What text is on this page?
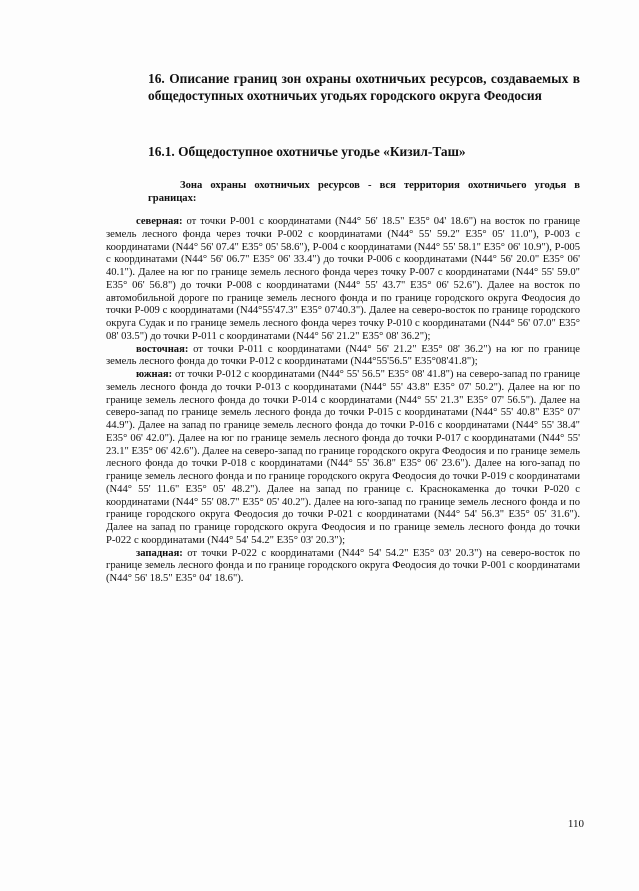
16. Описание границ зон охраны охотничьих ресурсов, создаваемых в общедоступных охотничьих угодьях городского округа Феодосия
16.1. Общедоступное охотничье угодье «Кизил-Таш»

Зона охраны охотничьих ресурсов - вся территория охотничьего угодья в границах:

северная: от точки Р-001 с координатами (N44° 56' 18.5" E35° 04' 18.6") на восток по границе земель лесного фонда через точки Р-002 с координатами (N44° 55' 59.2" E35° 05' 11.0"), Р-003 с координатами (N44° 56' 07.4" E35° 05' 58.6"), Р-004 с координатами (N44° 55' 58.1" E35° 06' 10.9"), Р-005 с координатами (N44° 56' 06.7" E35° 06' 33.4") до точки Р-006 с координатами (N44° 56' 20.0" E35° 06' 40.1"). Далее на юг по границе земель лесного фонда через точку Р-007 с координатами (N44° 55' 59.0" E35° 06' 56.8") до точки Р-008 с координатами (N44° 55' 43.7" E35° 06' 52.6"). Далее на восток по автомобильной дороге по границе земель лесного фонда и по границе городского округа Феодосия до точки Р-009 с координатами (N44°55'47.3" E35° 07'40.3"). Далее на северо-восток по границе городского округа Судак и по границе земель лесного фонда через точку Р-010 с координатами (N44° 56' 07.0" E35° 08' 03.5") до точки Р-011 с координатами (N44° 56' 21.2" E35° 08' 36.2");

восточная: от точки Р-011 с координатами (N44° 56' 21.2" E35° 08' 36.2") на юг по границе земель лесного фонда до точки Р-012 с координатами (N44°55'56.5" E35°08'41.8");

южная: от точки Р-012 с координатами (N44° 55' 56.5" E35° 08' 41.8") на северо-запад по границе земель лесного фонда до точки Р-013 с координатами (N44° 55' 43.8" E35° 07' 50.2"). Далее на юг по границе земель лесного фонда до точки Р-014 с координатами (N44° 55' 21.3" E35° 07' 56.5"). Далее на северо-запад по границе земель лесного фонда до точки Р-015 с координатами (N44° 55' 40.8" E35° 07' 44.9"). Далее на запад по границе земель лесного фонда до точки Р-016 с координатами (N44° 55' 38.4" E35° 06' 42.0"). Далее на юг по границе земель лесного фонда до точки Р-017 с координатами (N44° 55' 23.1" E35° 06' 42.6"). Далее на северо-запад по границе городского округа Феодосия и по границе земель лесного фонда до точки Р-018 с координатами (N44° 55' 36.8" E35° 06' 23.6"). Далее на юго-запад по границе земель лесного фонда и по границе городского округа Феодосия до точки Р-019 с координатами (N44° 55' 11.6" E35° 05' 48.2"). Далее на запад по границе с. Краснокаменка до точки Р-020 с координатами (N44° 55' 08.7" E35° 05' 40.2"). Далее на юго-запад по границе земель лесного фонда и по границе городского округа Феодосия до точки Р-021 с координатами (N44° 54' 56.3" E35° 05' 31.6"). Далее на запад по границе городского округа Феодосия и по границе земель лесного фонда до точки Р-022 с координатами (N44° 54' 54.2" E35° 03' 20.3");

западная: от точки Р-022 с координатами (N44° 54' 54.2" E35° 03' 20.3") на северо-восток по границе земель лесного фонда и по границе городского округа Феодосия до точки Р-001 с координатами (N44° 56' 18.5" E35° 04' 18.6").

110
